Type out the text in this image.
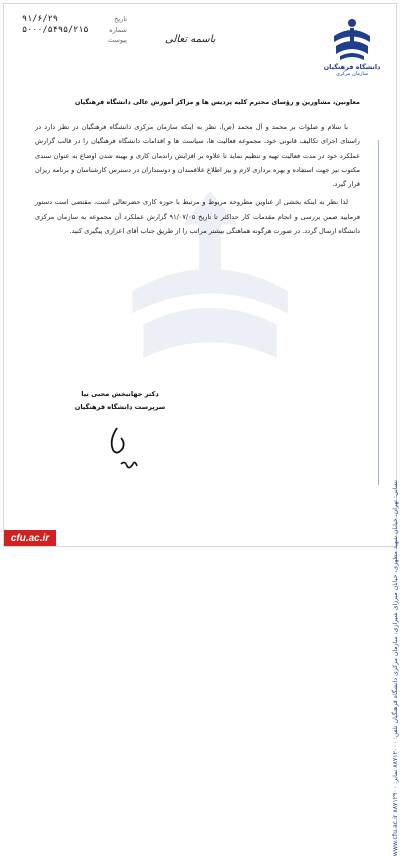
دانشگاه فرهنگیان
سازمان مرکزی
تاریخ
۹۱/۶/۲۹
شماره
۵۰۰۰/۵۴۹۵/۲۱۵
پیوست	باسمه تعالی
معاونین، مشاورین و رؤسای محترم کلیه پردیس ها و مراکز آموزش عالی دانشگاه فرهنگیان

با سلام و صلوات بر محمد و آل محمد (ص)، نظر به اینکه سازمان مرکزی دانشگاه فرهنگیان در نظر دارد در راستای اجرای تکالیف قانونی خود، مجموعه فعالیت ها، سیاست ها و اقدامات دانشگاه فرهنگیان را در قالب گزارش عملکرد خود در مدت فعالیت تهیه و تنظیم نماید تا علاوه بر افزایش راندمان کاری و بهینه شدن اوضاع به عنوان سندی مکتوب نیز جهت استفاده و بهره برداری لازم و نیز اطلاع علاقمندان و دوستداران در دسترس کارشناسان و برنامه ریزان قرار گیرد.

لذا نظر به اینکه بخشی از عناوین مطروحه مربوط و مرتبط با حوزه کاری حضرتعالی است، مقتضی است دستور فرمایید ضمن بررسی و انجام مقدمات کار حداکثر تا تاریخ ۹۱/۰۷/۰۵ گزارش عملکرد آن مجموعه به سازمان مرکزی دانشگاه ارسال گردد. در صورت هرگونه هماهنگی بیشتر مراتب را از طریق جناب آقای اعزازی پیگیری کنید.

دکتر جهانبخش محبی نیا
سرپرست دانشگاه فرهنگیان
نشانی: تهران، خیابان شهید مطهری، خیابان میرزای شیرازی، سازمان مرکزی دانشگاه فرهنگیان تلفن: ۸۸۷۱۲۰۰۰ نمابر: ۸۸۷۱۲۹۰۰ www.cfu.ac.ir
cfu.ac.ir
